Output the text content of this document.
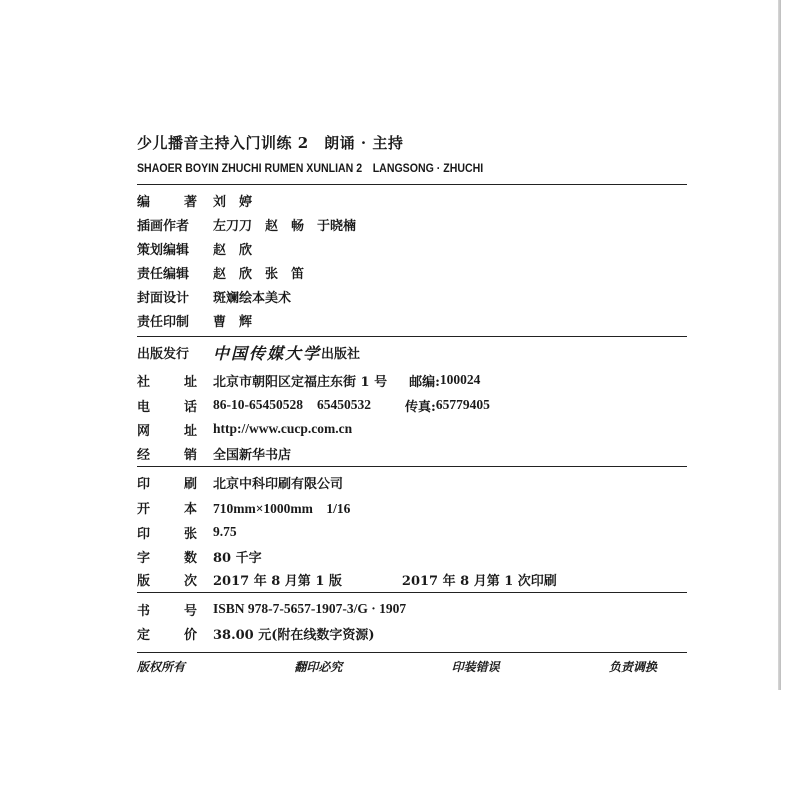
少儿播音主持入门训练 2　朗诵 · 主持
SHAOER BOYIN ZHUCHI RUMEN XUNLIAN 2　LANGSONG · ZHUCHI
编	著 刘　婷
插画作者	左刀刀　赵　畅　于晓楠
策划编辑	赵　欣
责任编辑	赵　欣　张　笛
封面设计	斑斓绘本美术
责任印制	曹　辉
出版发行	中国传媒大学 出版社
社	址 北京市朝阳区定福庄东街 1 号 邮编: 100024
电	话 86-10-65450528 65450532	传真: 65779405
网	址 http://www.cucp.com.cn
经	销 全国新华书店
印	刷 北京中科印刷有限公司
开	本 710mm×1000mm　1/16
印	张 9.75
字	数 80 千字
版	次 2017 年 8 月第 1 版	2017 年 8 月第 1 次印刷
书	号 ISBN 978-7-5657-1907-3/G · 1907
定	价 38.00 元(附在线数字资源)
版权所有	翻印必究	印装错误	负责调换
